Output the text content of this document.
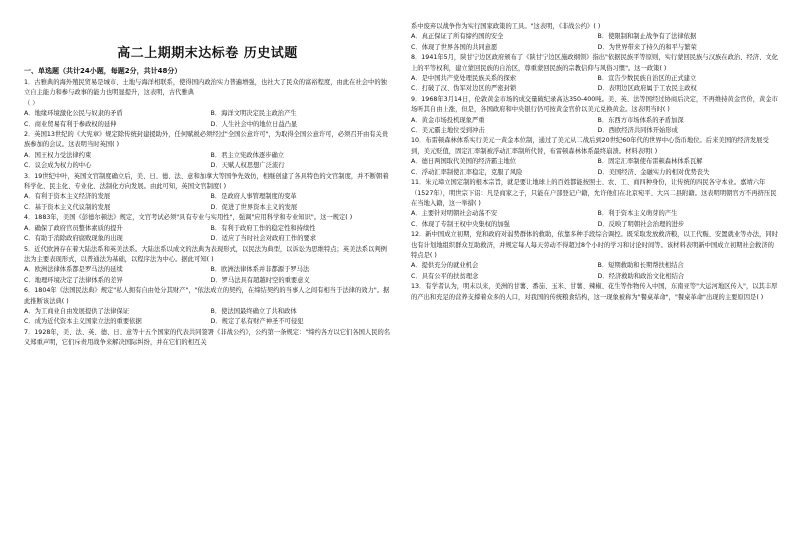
高二上期期末达标卷 历史试题
一、单选题（共计24小题，每题2分，共计48分）
1．古雅典的海外殖民贸易是城市、土地与海洋相联系，使得国内政治实力普遍增强，也社大了民众的富裕程度，由此在社会中的独立自主能力和参与政事的能力也明显提升，这表明，古代雅典
（ ）
A．地缘环境激化公民与奴隶的矛盾	B．海洋文明决定民主政治产生
C．商业贸易有利于参政权的延伸	D．人生社会中的地位日益凸显
2．英国13世纪的《大宪章》规定除传统封建援助外，任何赋税必须经过"全国公意许可"，为取得全国公意许可，必须召开由有关贵族参加的会议。这表明当时英国( )
A．国王权力受法律约束	B．君主立宪政体逐步确立
C．议会成为权力的中心	D．天赋人权思想广泛流行
3．19世纪中叶，英国文官制度确立后，美、日、德、法、意和加拿大等国争先效仿，相继创建了各具特色的文官制度，并不断朝着科学化、民主化、专业化、法制化方向发展。由此可知，英国文官制度( )
A．有利于资本主义经济的发展	B．是政府人事管理制度的变革
C．基于资本主义代议制的发展	D．促进了世界资本主义的发展
4．1883年，美国《彭德尔顿法》规定，文官考试必须"具有专业与实用性"，强调"应用科学和专业知识"。这一规定( )
A．确保了政府官员整体素质的提升	B．有利于政府工作的稳定性和持续性
C．有助于消除政府腐败现象的出现	D．适应了当时社会对政府工作的要求
5．近代欧洲存在着大陆法系和英美法系。大陆法系以成文的法典为表现形式，以民法为典型，以诉讼为思维特点；英美法系以判例法为主要表现形式，以普通法为基础，以程序法为中心。据此可知( )
A．欧洲法律体系都是罗马法的延续	B．欧洲法律体系并非都源于罗马法
C．地理环境决定了法律体系的差异	D．罗马法具有超越时空的重要意义
6．1804年《法国民法典》规定"私人拥有自由处分其财产"，"依法成立的契约，在缔结契约的当事人之间有相当于法律的效力"。据此推断该法典( )
A．为工商业自由发展提供了法律保证	B．使法国最终确立了共和政体
C．成为近代资本主义国家立法的重要依据	D．规定了私有财产神圣不可侵犯
7．1928年，美、法、英、德、日、意等十五个国家的代表共同签署《非战公约》，公约第一条规定："缔约各方以它们各国人民的名义郑重声明，它们斥责用战争来解决国际纠纷，并在它们的相互关
系中废弃以战争作为实行国家政策的工具。"这表明，《非战公约》( )
A．真正保证了所有缔约国的安全	B．使限制和制止战争有了法律依据
C．体现了世界各国的共同意愿	D．为世界带来了持久的和平与繁荣
8．1941年5月，陕甘宁边区政府颁布了《陕甘宁边区施政纲领》指出"依据民族平等原则，实行蒙回民族与汉族在政治、经济、文化上的平等权利，建立蒙回民族的自治区，尊重蒙回民族的宗教信仰与风俗习惯"。这一政策( )
A．是中国共产党处理民族关系的探索	B．宣告少数民族自治区的正式建立
C．打破了汉、伪军对边区的严密封锁	D．表明边区政府属于工农民主政权
9．1968年3月14日，伦敦黄金市场的成交量破纪录高达350-400吨。美、英、法等国经过协商后决定，不再维持黄金官价，黄金市场听其自由上涨，但是，各国政府和中央银行仍可按黄金官价以美元兑换黄金。这表明当时( )
A．黄金市场投机现象严重	B．东西方市场体系的矛盾加深
C．美元霸主地位受到冲击	D．西欧经济共同体开始形成
10．布雷顿森林体系实行美元一黄金本位制，通过了美元从二战后到20世纪60年代的世界中心货币地位。后来美国的经济发展受到，美元贬值，固定汇率制被浮动汇率制所代替，布雷顿森林体系最终崩溃。材料表明( )
A．德日两国取代美国的经济霸主地位	B．固定汇率制使布雷顿森林体系瓦解
C．浮动汇率制使汇率稳定，克服了风险	D．美国经济、金融实力的相对优势丧失
11．朱元璋立国定制的根本宗旨，就是要让地球上的百姓都能按照士、农、工、商四种身份，让传统的四民各守本业。嘉靖六年（1527年），明世宗下诏：凡是商家之子，只能在户部登记户籍，允许他们在北京宛平、大兴二县附籍。这表明明朝官方不再挤压民在当地入籍，这一举措( )
A．主要针对明朝社会动荡不安	B．利于资本主义萌芽的产生
C．体现了专制王权中央集权的加强	D．反映了明朝社会治理的进步
12．新中国成立初期，党和政府对弱势群体的救助，依靠多种手段综合调控。既采取发放救济粮，以工代赈、安置就业等办法，同时也有计划地组织群众互助救济，并规定每人每天劳动不得超过8个小时的学习和讨论时间等。该材料表明新中国成立初期社会救济的特点是( )
A．提供充分的就业机会	B．短期救助和长期帮扶相结合
C．具有公平的扶贫理念	D．经济救助和政治文化相结合
13．有学者认为，明末以来，美洲的甘薯、番茄、玉米、甘薯、辣椒、花生等作物传入中国，东南亚等"大运河地区传入"，以其丰厚的产出和充足的营养支撑着众多的人口，对我国的传统粮食结构，这一现象被称为"餐桌革命"，"餐桌革命"出现的主要原因是( )
